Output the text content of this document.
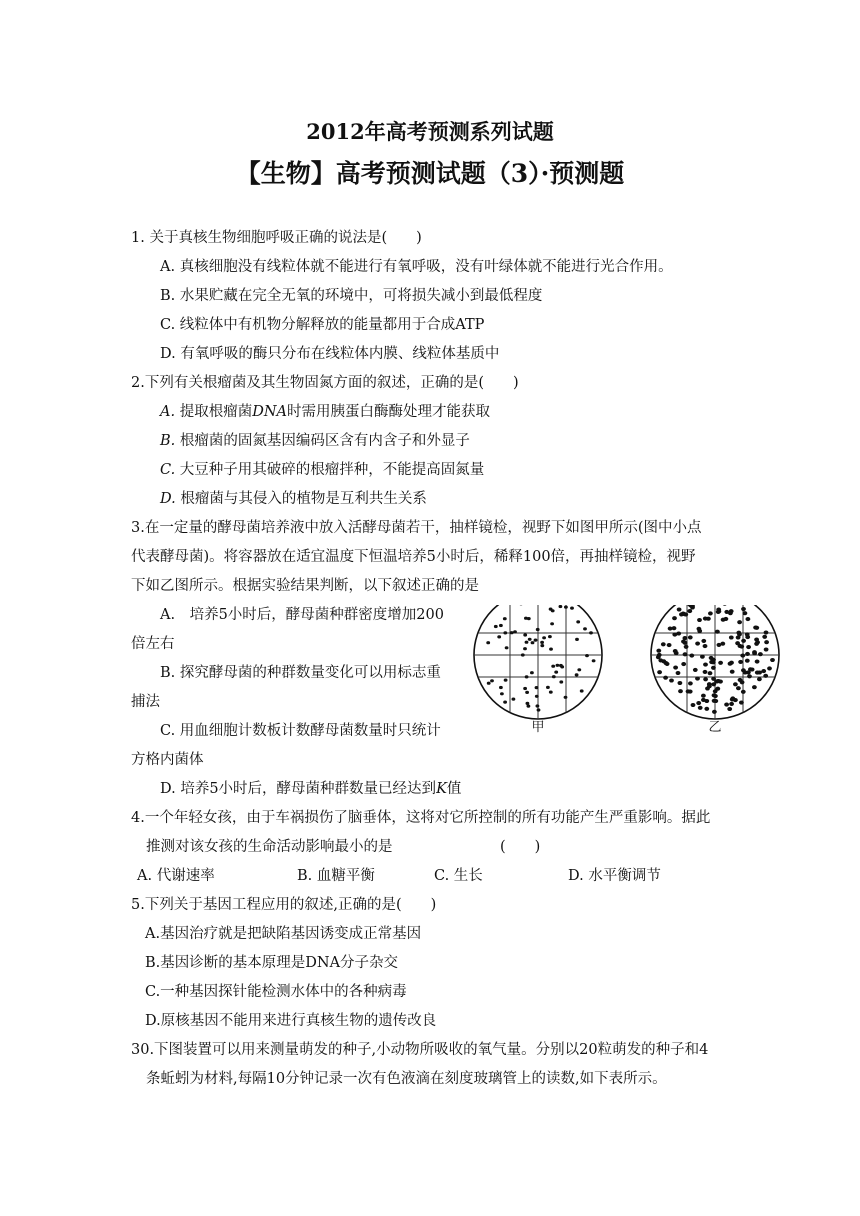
2012年高考预测系列试题
【生物】高考预测试题（3）·预测题
1. 关于真核生物细胞呼吸正确的说法是(　　)
A. 真核细胞没有线粒体就不能进行有氧呼吸，没有叶绿体就不能进行光合作用。
B. 水果贮藏在完全无氧的环境中，可将损失减小到最低程度
C. 线粒体中有机物分解释放的能量都用于合成ATP
D. 有氧呼吸的酶只分布在线粒体内膜、线粒体基质中
2.下列有关根瘤菌及其生物固氮方面的叙述，正确的是(　　)
A. 提取根瘤菌DNA时需用胰蛋白酶酶处理才能获取
B. 根瘤菌的固氮基因编码区含有内含子和外显子
C. 大豆种子用其破碎的根瘤拌种，不能提高固氮量
D. 根瘤菌与其侵入的植物是互利共生关系
3.在一定量的酵母菌培养液中放入活酵母菌若干，抽样镜检，视野下如图甲所示(图中小点
代表酵母菌)。将容器放在适宜温度下恒温培养5小时后，稀释100倍，再抽样镜检，视野
下如乙图所示。根据实验结果判断，以下叙述正确的是
A.　培养5小时后，酵母菌种群密度增加200
倍左右
B. 探究酵母菌的种群数量变化可以用标志重
捕法
C. 用血细胞计数板计数酵母菌数量时只统计
方格内菌体
D. 培养5小时后，酵母菌种群数量已经达到K值
甲	乙
4.一个年轻女孩，由于车祸损伤了脑垂体，这将对它所控制的所有功能产生严重影响。据此
推测对该女孩的生命活动影响最小的是	(　　)
A. 代谢速率	B. 血糖平衡	C. 生长	D. 水平衡调节
5.下列关于基因工程应用的叙述,正确的是(　　)
A.基因治疗就是把缺陷基因诱变成正常基因
B.基因诊断的基本原理是DNA分子杂交
C.一种基因探针能检测水体中的各种病毒
D.原核基因不能用来进行真核生物的遗传改良
30.下图装置可以用来测量萌发的种子,小动物所吸收的氧气量。分别以20粒萌发的种子和4
条蚯蚓为材料,每隔10分钟记录一次有色液滴在刻度玻璃管上的读数,如下表所示。
